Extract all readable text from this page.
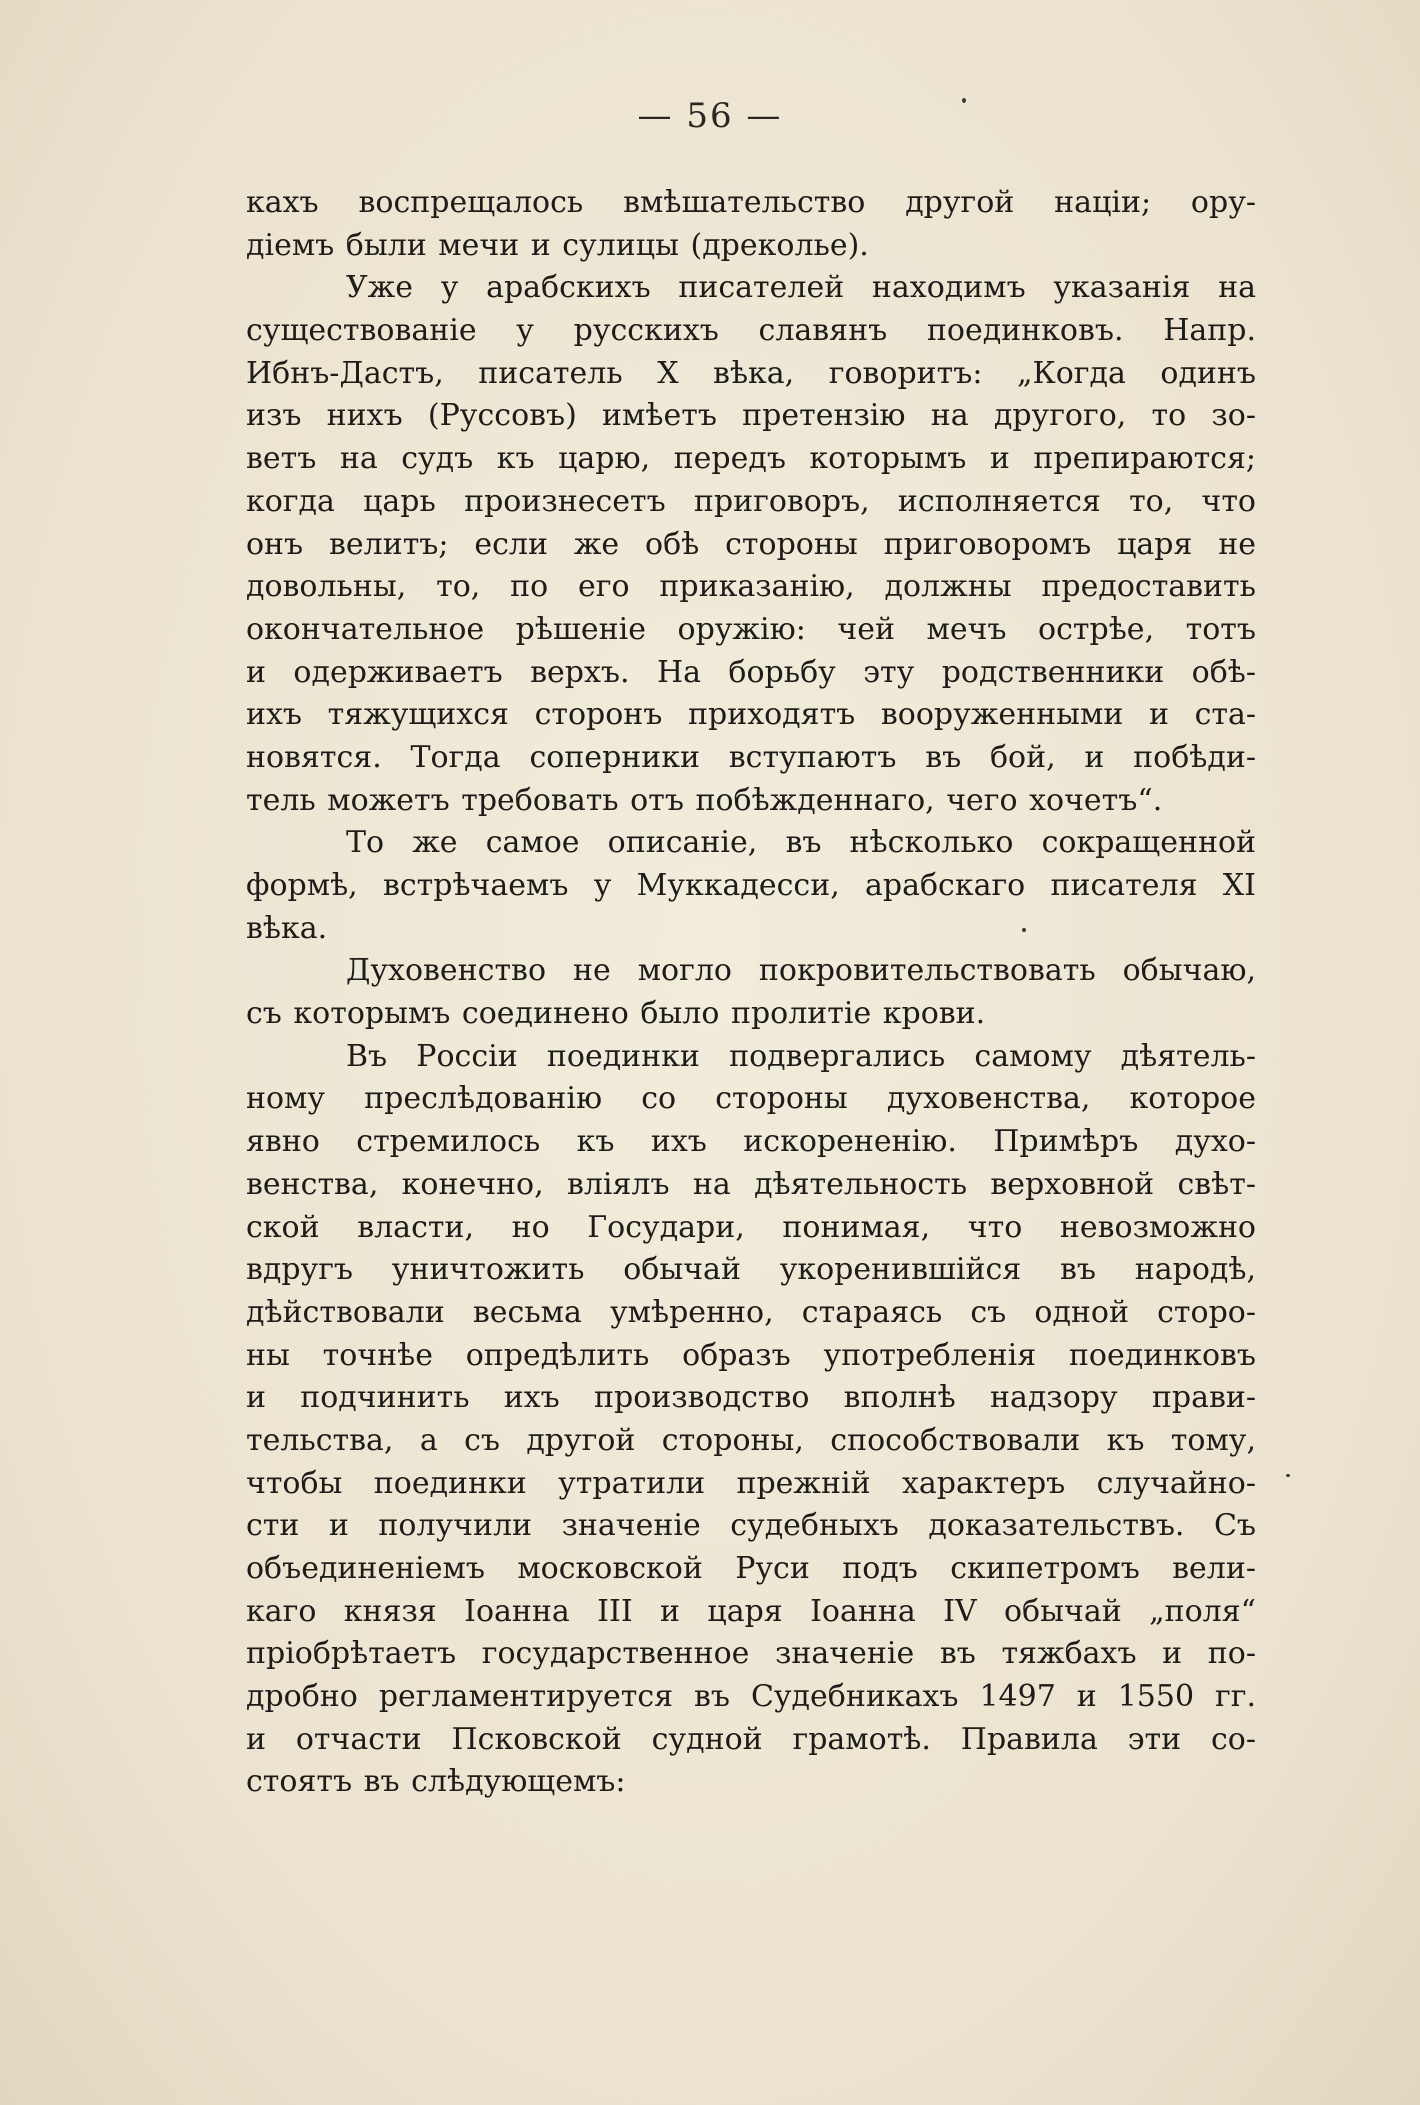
— 56 —
кахъ воспрещалось вмѣшательство другой націи; ору-
діемъ были мечи и сулицы (дреколье).
Уже у арабскихъ писателей находимъ указанія на
существованіе у русскихъ славянъ поединковъ. Напр.
Ибнъ-Дастъ, писатель X вѣка, говоритъ: „Когда одинъ
изъ нихъ (Руссовъ) имѣетъ претензію на другого, то зо-
ветъ на судъ къ царю, передъ которымъ и препираются;
когда царь произнесетъ приговоръ, исполняется то, что
онъ велитъ; если же обѣ стороны приговоромъ царя не
довольны, то, по его приказанію, должны предоставить
окончательное рѣшеніе оружію: чей мечъ острѣе, тотъ
и одерживаетъ верхъ. На борьбу эту родственники обѣ-
ихъ тяжущихся сторонъ приходятъ вооруженными и ста-
новятся. Тогда соперники вступаютъ въ бой, и побѣди-
тель можетъ требовать отъ побѣжденнаго, чего хочетъ“.
То же самое описаніе, въ нѣсколько сокращенной
формѣ, встрѣчаемъ у Муккадесси, арабскаго писателя XI
вѣка.
Духовенство не могло покровительствовать обычаю,
съ которымъ соединено было пролитіе крови.
Въ Россіи поединки подвергались самому дѣятель-
ному преслѣдованію со стороны духовенства, которое
явно стремилось къ ихъ искорененію. Примѣръ духо-
венства, конечно, вліялъ на дѣятельность верховной свѣт-
ской власти, но Государи, понимая, что невозможно
вдругъ уничтожить обычай укоренившійся въ народѣ,
дѣйствовали весьма умѣренно, стараясь съ одной сторо-
ны точнѣе опредѣлить образъ употребленія поединковъ
и подчинить ихъ производство вполнѣ надзору прави-
тельства, а съ другой стороны, способствовали къ тому,
чтобы поединки утратили прежній характеръ случайно-
сти и получили значеніе судебныхъ доказательствъ. Съ
объединеніемъ московской Руси подъ скипетромъ вели-
каго князя Іоанна III и царя Іоанна IV обычай „поля“
пріобрѣтаетъ государственное значеніе въ тяжбахъ и по-
дробно регламентируется въ Судебникахъ 1497 и 1550 гг.
и отчасти Псковской судной грамотѣ. Правила эти со-
стоятъ въ слѣдующемъ:
